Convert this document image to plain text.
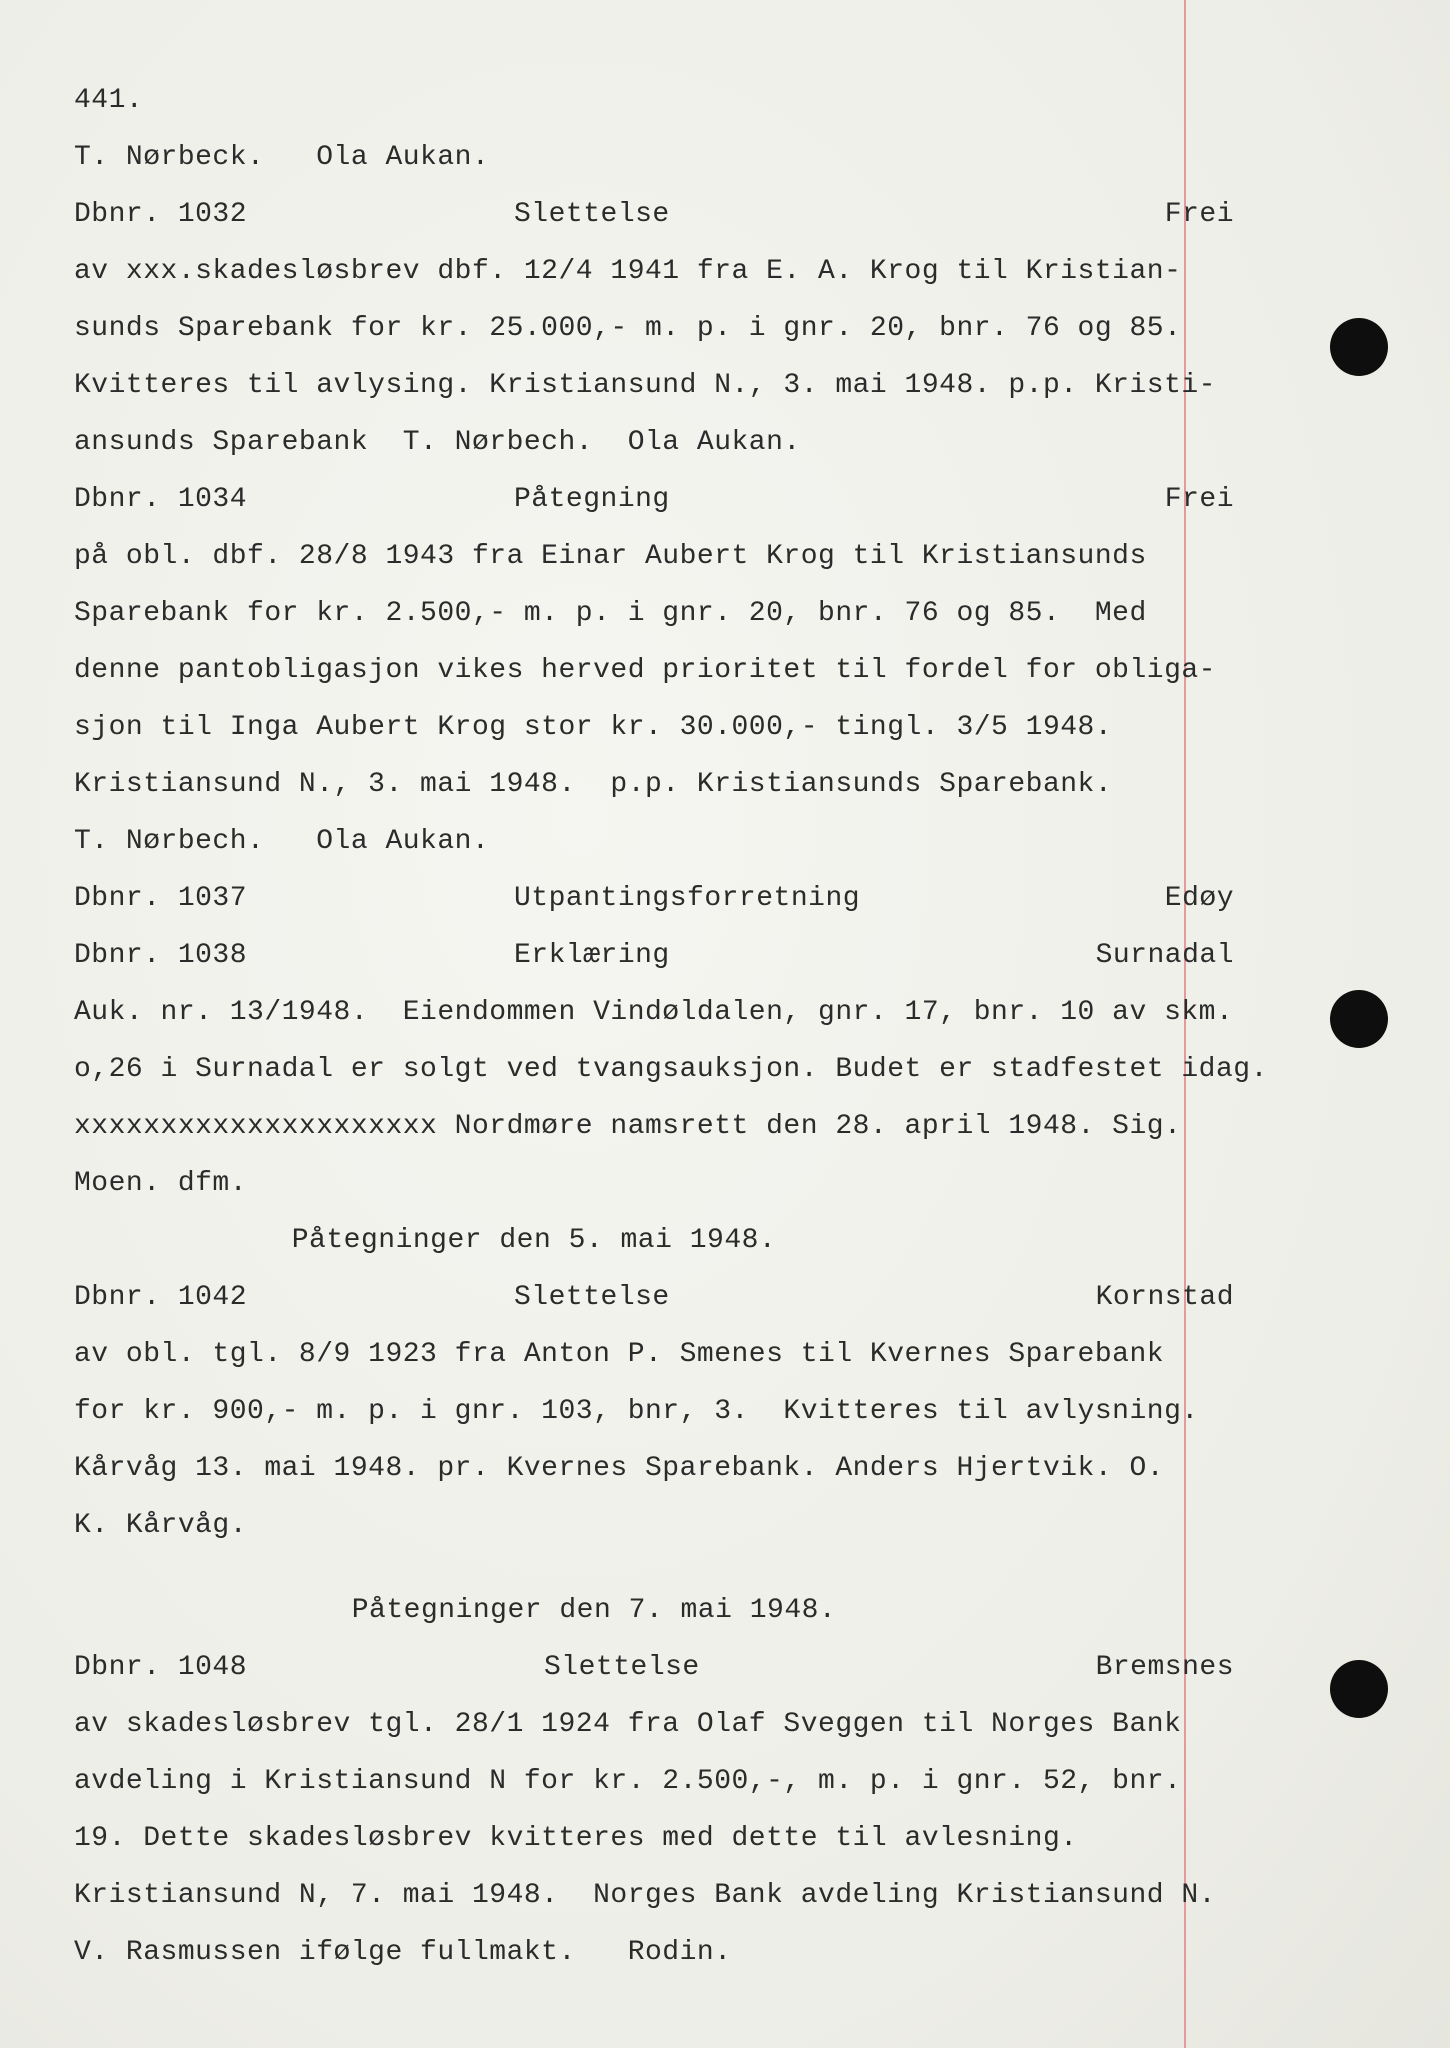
441.
T. Nørbeck.   Ola Aukan.
Dbnr. 1032	Slettelse	Frei
av xxx.skadesløsbrev dbf. 12/4 1941 fra E. A. Krog til Kristian-
sunds Sparebank for kr. 25.000,- m. p. i gnr. 20, bnr. 76 og 85.
Kvitteres til avlysing. Kristiansund N., 3. mai 1948. p.p. Kristi-
ansunds Sparebank  T. Nørbech.  Ola Aukan.
Dbnr. 1034	Påtegning	Frei
på obl. dbf. 28/8 1943 fra Einar Aubert Krog til Kristiansunds
Sparebank for kr. 2.500,- m. p. i gnr. 20, bnr. 76 og 85.  Med
denne pantobligasjon vikes herved prioritet til fordel for obliga-
sjon til Inga Aubert Krog stor kr. 30.000,- tingl. 3/5 1948.
Kristiansund N., 3. mai 1948.  p.p. Kristiansunds Sparebank.
T. Nørbech.   Ola Aukan.
Dbnr. 1037	Utpantingsforretning	Edøy
Dbnr. 1038	Erklæring	Surnadal
Auk. nr. 13/1948.  Eiendommen Vindøldalen, gnr. 17, bnr. 10 av skm.
o,26 i Surnadal er solgt ved tvangsauksjon. Budet er stadfestet idag.
xxxxxxxxxxxxxxxxxxxxx Nordmøre namsrett den 28. april 1948. Sig.
Moen. dfm.
Påtegninger den 5. mai 1948.
Dbnr. 1042	Slettelse	Kornstad
av obl. tgl. 8/9 1923 fra Anton P. Smenes til Kvernes Sparebank
for kr. 900,- m. p. i gnr. 103, bnr, 3.  Kvitteres til avlysning.
Kårvåg 13. mai 1948. pr. Kvernes Sparebank. Anders Hjertvik. O.
K. Kårvåg.
Påtegninger den 7. mai 1948.
Dbnr. 1048	Slettelse	Bremsnes
av skadesløsbrev tgl. 28/1 1924 fra Olaf Sveggen til Norges Bank
avdeling i Kristiansund N for kr. 2.500,-, m. p. i gnr. 52, bnr.
19. Dette skadesløsbrev kvitteres med dette til avlesning.
Kristiansund N, 7. mai 1948.  Norges Bank avdeling Kristiansund N.
V. Rasmussen ifølge fullmakt.   Rodin.
